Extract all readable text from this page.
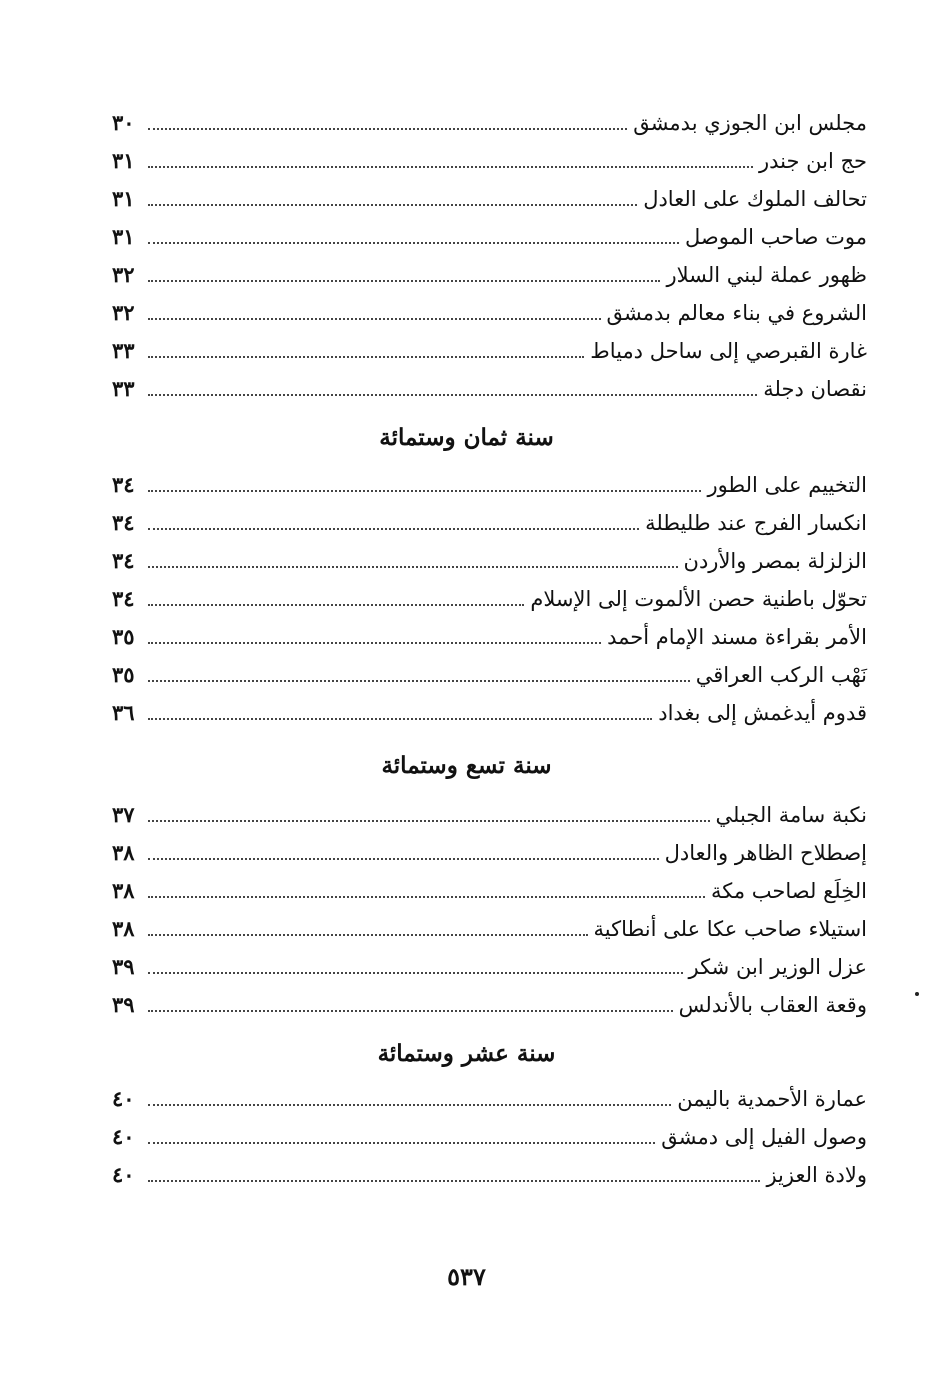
مجلس ابن الجوزي بدمشق
٣٠
حج ابن جندر
٣١
تحالف الملوك على العادل
٣١
موت صاحب الموصل
٣١
ظهور عملة لبني السلار
٣٢
الشروع في بناء معالم بدمشق
٣٢
غارة القبرصي إلى ساحل دمياط
٣٣
نقصان دجلة
٣٣
سنة ثمان وستمائة
التخييم على الطور
٣٤
انكسار الفرج عند طليطلة
٣٤
الزلزلة بمصر والأردن
٣٤
تحوّل باطنية حصن الألموت إلى الإسلام
٣٤
الأمر بقراءة مسند الإمام أحمد
٣٥
نَهْب الركب العراقي
٣٥
قدوم أيدغمش إلى بغداد
٣٦
سنة تسع وستمائة
نكبة سامة الجبلي
٣٧
إصطلاح الظاهر والعادل
٣٨
الخِلَع لصاحب مكة
٣٨
استيلاء صاحب عكا على أنطاكية
٣٨
عزل الوزير ابن شكر
٣٩
وقعة العقاب بالأندلس
٣٩
سنة عشر وستمائة
عمارة الأحمدية باليمن
٤٠
وصول الفيل إلى دمشق
٤٠
ولادة العزيز
٤٠
٥٣٧
